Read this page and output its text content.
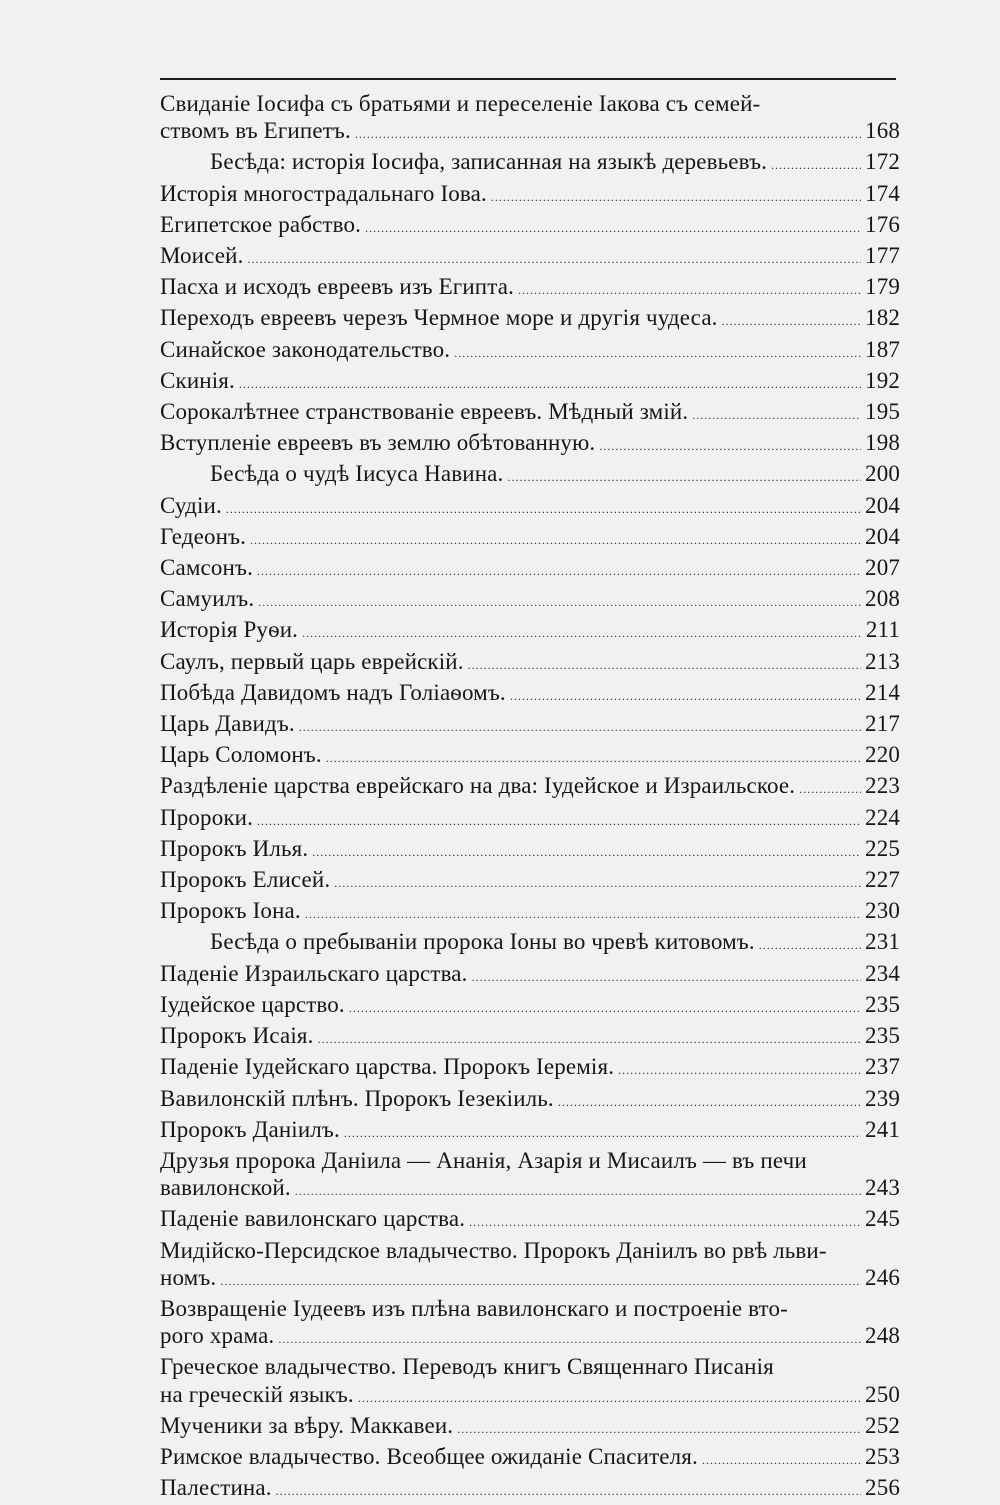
Свиданіе Іосифа съ братьями и переселеніе Іакова съ семей-
ствомъ въ Египетъ. .....	168
Бесѣда: исторія Іосифа, записанная на языкѣ деревьевъ. .....	172
Исторія многострадальнаго Іова. .....	174
Египетское рабство. .....	176
Моисей. .....	177
Пасха и исходъ евреевъ изъ Египта. .....	179
Переходъ евреевъ черезъ Чермное море и другія чудеса. .....	182
Синайское законодательство. .....	187
Скинія. .....	192
Сорокалѣтнее странствованіе евреевъ. Мѣдный змій. .....	195
Вступленіе евреевъ въ землю обѣтованную. .....	198
Бесѣда о чудѣ Іисуса Навина. .....	200
Судіи. .....	204
Гедеонъ. .....	204
Самсонъ. .....	207
Самуилъ. .....	208
Исторія Руѳи. .....	211
Саулъ, первый царь еврейскій. .....	213
Побѣда Давидомъ надъ Голіаѳомъ. .....	214
Царь Давидъ. .....	217
Царь Соломонъ. .....	220
Раздѣленіе царства еврейскаго на два: Іудейское и Израильское. .....	223
Пророки. .....	224
Пророкъ Илья. .....	225
Пророкъ Елисей. .....	227
Пророкъ Іона. .....	230
Бесѣда о пребываніи пророка Іоны во чревѣ китовомъ. .....	231
Паденіе Израильскаго царства. .....	234
Іудейское царство. .....	235
Пророкъ Исаія. .....	235
Паденіе Іудейскаго царства. Пророкъ Іеремія. .....	237
Вавилонскій плѣнъ. Пророкъ Іезекіиль. .....	239
Пророкъ Даніилъ. .....	241
Друзья пророка Даніила — Ананія, Азарія и Мисаилъ — въ печи
вавилонской. .....	243
Паденіе вавилонскаго царства. .....	245
Мидійско-Персидское владычество. Пророкъ Даніилъ во рвѣ льви-
номъ. .....	246
Возвращеніе Іудеевъ изъ плѣна вавилонскаго и построеніе вто-
рого храма. .....	248
Греческое владычество. Переводъ книгъ Священнаго Писанія
на греческій языкъ. .....	250
Мученики за вѣру. Маккавеи. .....	252
Римское владычество. Всеобщее ожиданіе Спасителя. .....	253
Палестина. .....	256
